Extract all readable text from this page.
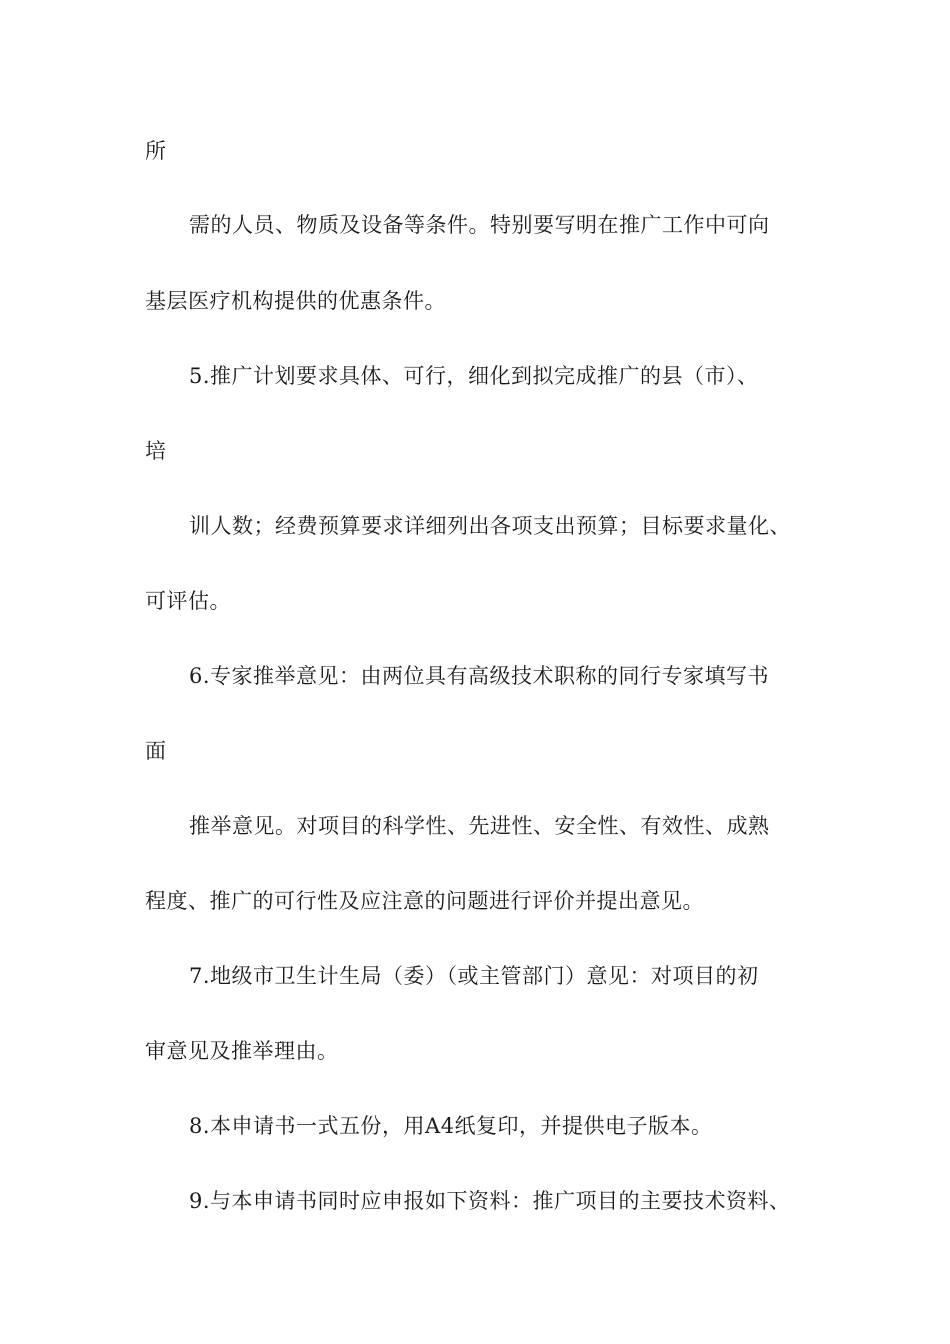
所
需的人员、物质及设备等条件。特别要写明在推广工作中可向
基层医疗机构提供的优惠条件。
5.推广计划要求具体、可行，细化到拟完成推广的县（市）、
培
训人数；经费预算要求详细列出各项支出预算；目标要求量化、
可评估。
6.专家推举意见：由两位具有高级技术职称的同行专家填写书
面
推举意见。对项目的科学性、先进性、安全性、有效性、成熟
程度、推广的可行性及应注意的问题进行评价并提出意见。
7.地级市卫生计生局（委）（或主管部门）意见：对项目的初
审意见及推举理由。
8.本申请书一式五份，用A4纸复印，并提供电子版本。
9.与本申请书同时应申报如下资料：推广项目的主要技术资料、
